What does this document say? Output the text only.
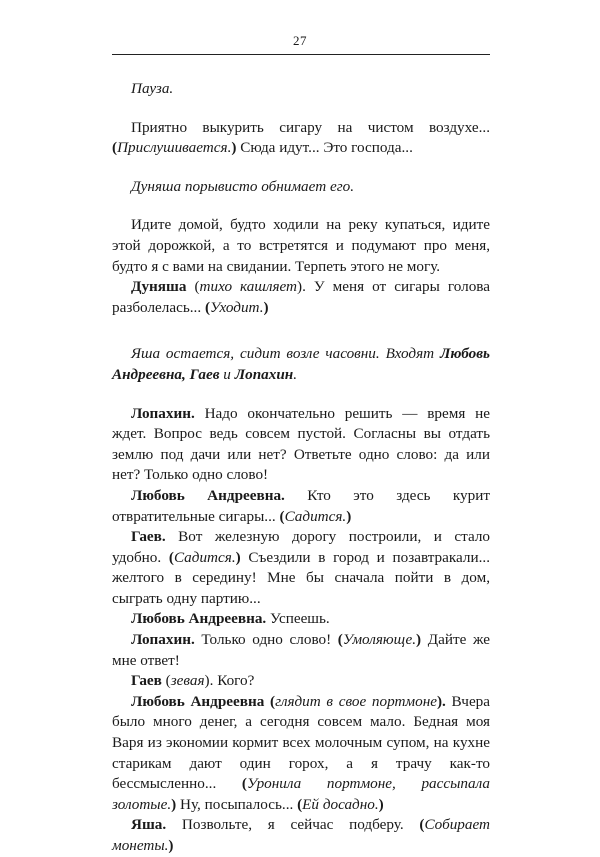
27

Пауза.

Приятно выкурить сигару на чистом воздухе... (Прислушивается.) Сюда идут... Это господа...

Дуняша порывисто обнимает его.

Идите домой, будто ходили на реку купаться, идите этой дорожкой, а то встретятся и подумают про меня, будто я с вами на свидании. Терпеть этого не могу.

Дуняша (тихо кашляет). У меня от сигары голова разболелась... (Уходит.)

Яша остается, сидит возле часовни. Входят Любовь Андреевна, Гаев и Лопахин.

Лопахин. Надо окончательно решить — время не ждет. Вопрос ведь совсем пустой. Согласны вы отдать землю под дачи или нет? Ответьте одно слово: да или нет? Только одно слово!

Любовь Андреевна. Кто это здесь курит отвратительные сигары... (Садится.)

Гаев. Вот железную дорогу построили, и стало удобно. (Садится.) Съездили в город и позавтракали... желтого в середину! Мне бы сначала пойти в дом, сыграть одну партию...

Любовь Андреевна. Успеешь.

Лопахин. Только одно слово! (Умоляюще.) Дайте же мне ответ!

Гаев (зевая). Кого?

Любовь Андреевна (глядит в свое портмоне). Вчера было много денег, а сегодня совсем мало. Бедная моя Варя из экономии кормит всех молочным супом, на кухне старикам дают один горох, а я трачу как-то бессмысленно... (Уронила портмоне, рассыпала золотые.) Ну, посыпалось... (Ей досадно.)

Яша. Позвольте, я сейчас подберу. (Собирает монеты.)
